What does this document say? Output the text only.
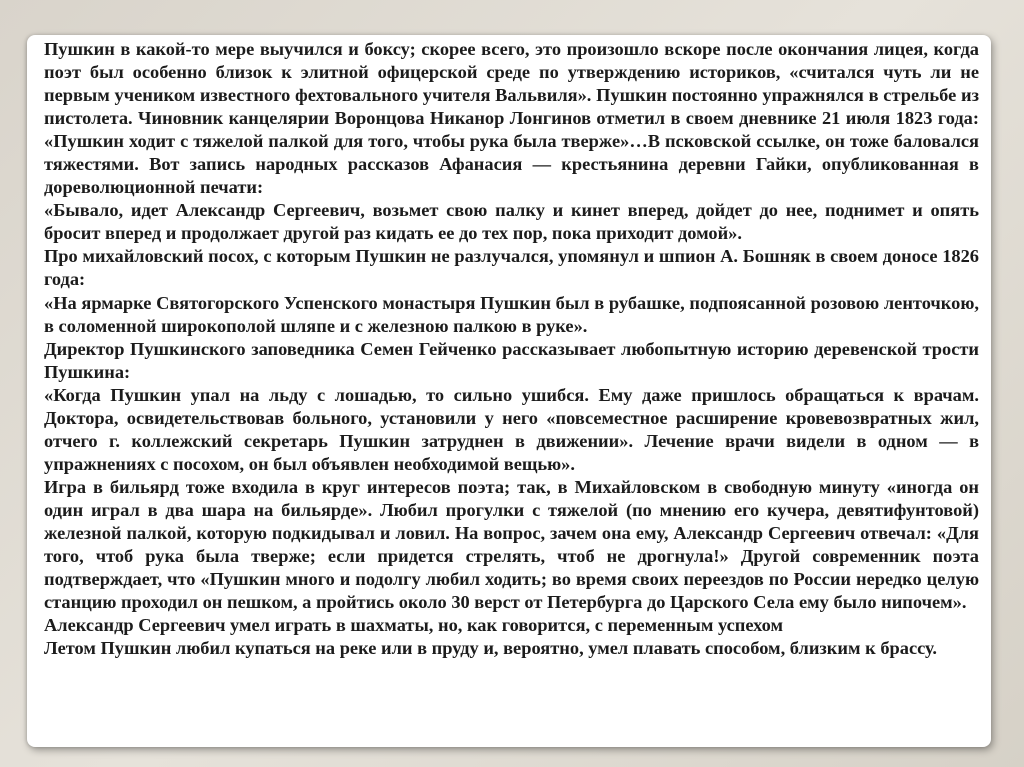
Пушкин в какой-то мере выучился и боксу; скорее всего, это произошло вскоре после окончания лицея, когда поэт был особенно близок к элитной офицерской среде по утверждению историков, «считался чуть ли не первым учеником известного фехтовального учителя Вальвиля». Пушкин постоянно упражнялся в стрельбе из пистолета. Чиновник канцелярии Воронцова Никанор Лонгинов отметил в своем дневнике 21 июля 1823 года: «Пушкин ходит с тяжелой палкой для того, чтобы рука была тверже»…В псковской ссылке, он тоже баловался тяжестями. Вот запись народных рассказов Афанасия — крестьянина деревни Гайки, опубликованная в дореволюционной печати:

«Бывало, идет Александр Сергеевич, возьмет свою палку и кинет вперед, дойдет до нее, поднимет и опять бросит вперед и продолжает другой раз кидать ее до тех пор, пока приходит домой».

Про михайловский посох, с которым Пушкин не разлучался, упомянул и шпион А. Бошняк в своем доносе 1826 года:

«На ярмарке Святогорского Успенского монастыря Пушкин был в рубашке, подпоясанной розовою ленточкою, в соломенной широкополой шляпе и с железною палкою в руке».

Директор Пушкинского заповедника Семен Гейченко рассказывает любопытную историю деревенской трости Пушкина:

«Когда Пушкин упал на льду с лошадью, то сильно ушибся. Ему даже пришлось обращаться к врачам. Доктора, освидетельствовав больного, установили у него «повсеместное расширение кровевозвратных жил, отчего г. коллежский секретарь Пушкин затруднен в движении». Лечение врачи видели в одном — в упражнениях с посохом, он был объявлен необходимой вещью».

Игра в бильярд тоже входила в круг интересов поэта; так, в Михайловском в свободную минуту «иногда он один играл в два шара на бильярде». Любил прогулки с тяжелой (по мнению его кучера, девятифунтовой) железной палкой, которую подкидывал и ловил. На вопрос, зачем она ему, Александр Сергеевич отвечал: «Для того, чтоб рука была тверже; если придется стрелять, чтоб не дрогнула!» Другой современник поэта подтверждает, что «Пушкин много и подолгу любил ходить; во время своих переездов по России нередко целую станцию проходил он пешком, а пройтись около 30 верст от Петербурга до Царского Села ему было нипочем».

Александр Сергеевич умел играть в шахматы, но, как говорится, с переменным успехом

Летом Пушкин любил купаться на реке или в пруду и, вероятно, умел плавать способом, близким к брассу.
